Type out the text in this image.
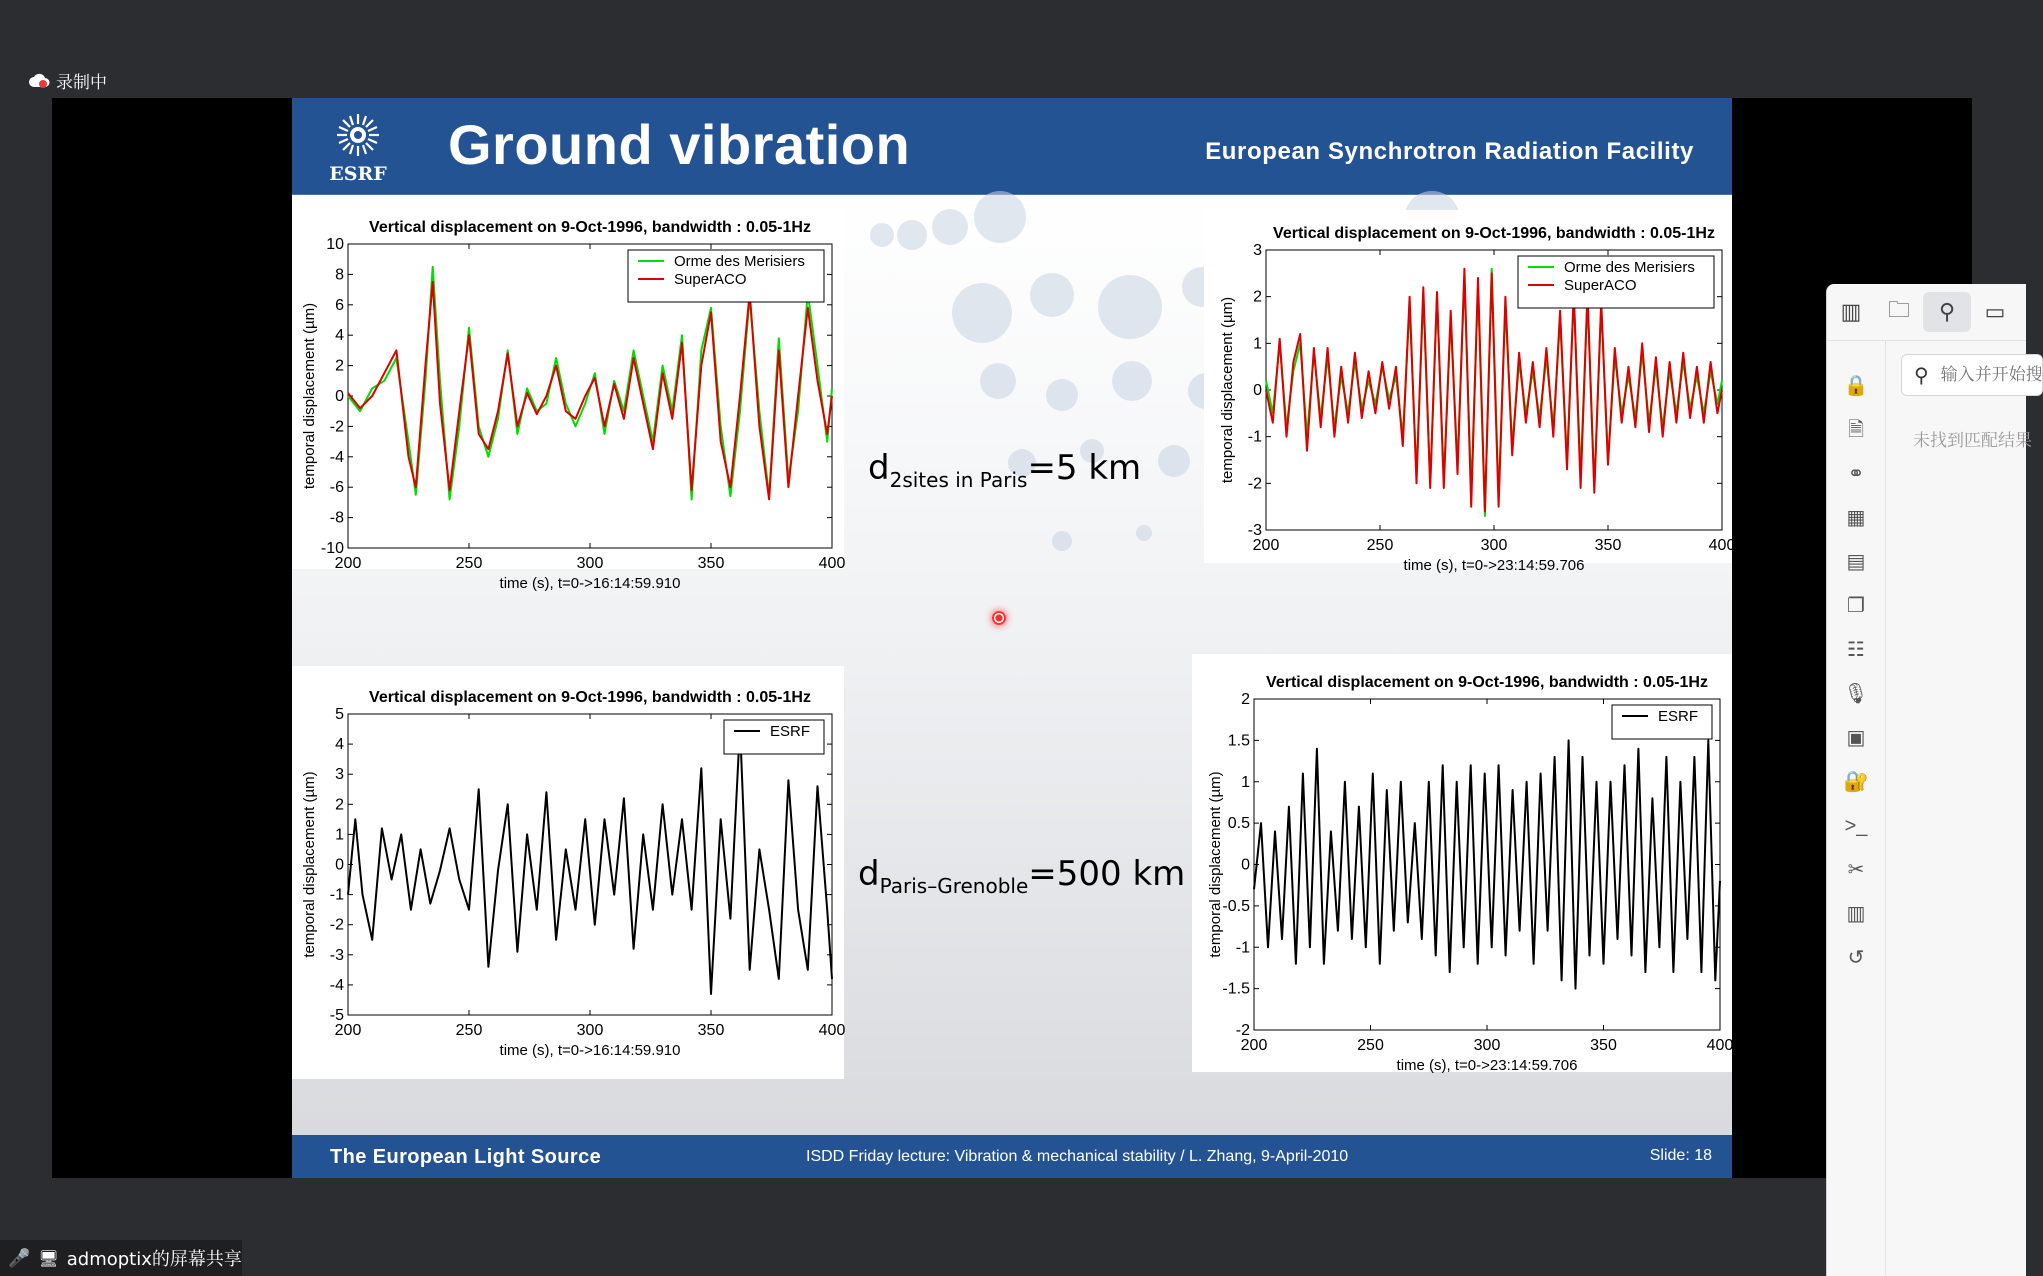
录制中
ESRF Ground vibration	European Synchrotron Radiation Facility
Vertical displacement on 9-Oct-1996, bandwidth : 0.05-1Hz
200	250	300	350	400
-10
-8
-6
-4
-2
0
2
4
6
8
10
time (s), t=0->16:14:59.910
temporal displacement (µm)
Orme des Merisiers
SuperACO
Vertical displacement on 9-Oct-1996, bandwidth : 0.05-1Hz
200	250	300	350	400
-3
-2
-1
0
1
2
3
time (s), t=0->23:14:59.706
temporal displacement (µm)
Orme des Merisiers
SuperACO
Vertical displacement on 9-Oct-1996, bandwidth : 0.05-1Hz
200	250	300	350	400
-5
-4
-3
-2
-1
0
1
2
3
4
5
time (s), t=0->16:14:59.910
temporal displacement (µm)
ESRF
Vertical displacement on 9-Oct-1996, bandwidth : 0.05-1Hz
200	250	300	350	400
-2
-1.5
-1
-0.5
0
0.5
1
1.5
2
time (s), t=0->23:14:59.706
temporal displacement (µm)
ESRF
$d_{2sites in Paris}=5$ km
$d_{Paris-Grenoble}=500$ km
The European Light Source	ISDD Friday lecture: Vibration & mechanical stability / L. Zhang, 9-April-2010	Slide: 18
▥	🗀	⚲	▭
🔒
🗎
⚭
▦
▤
❐
☷
🎙
▣
🔐
>_
✂
▥
↺
⚲
输入并开始搜索
未找到匹配结果
🎤 🖥 admoptix的屏幕共享
